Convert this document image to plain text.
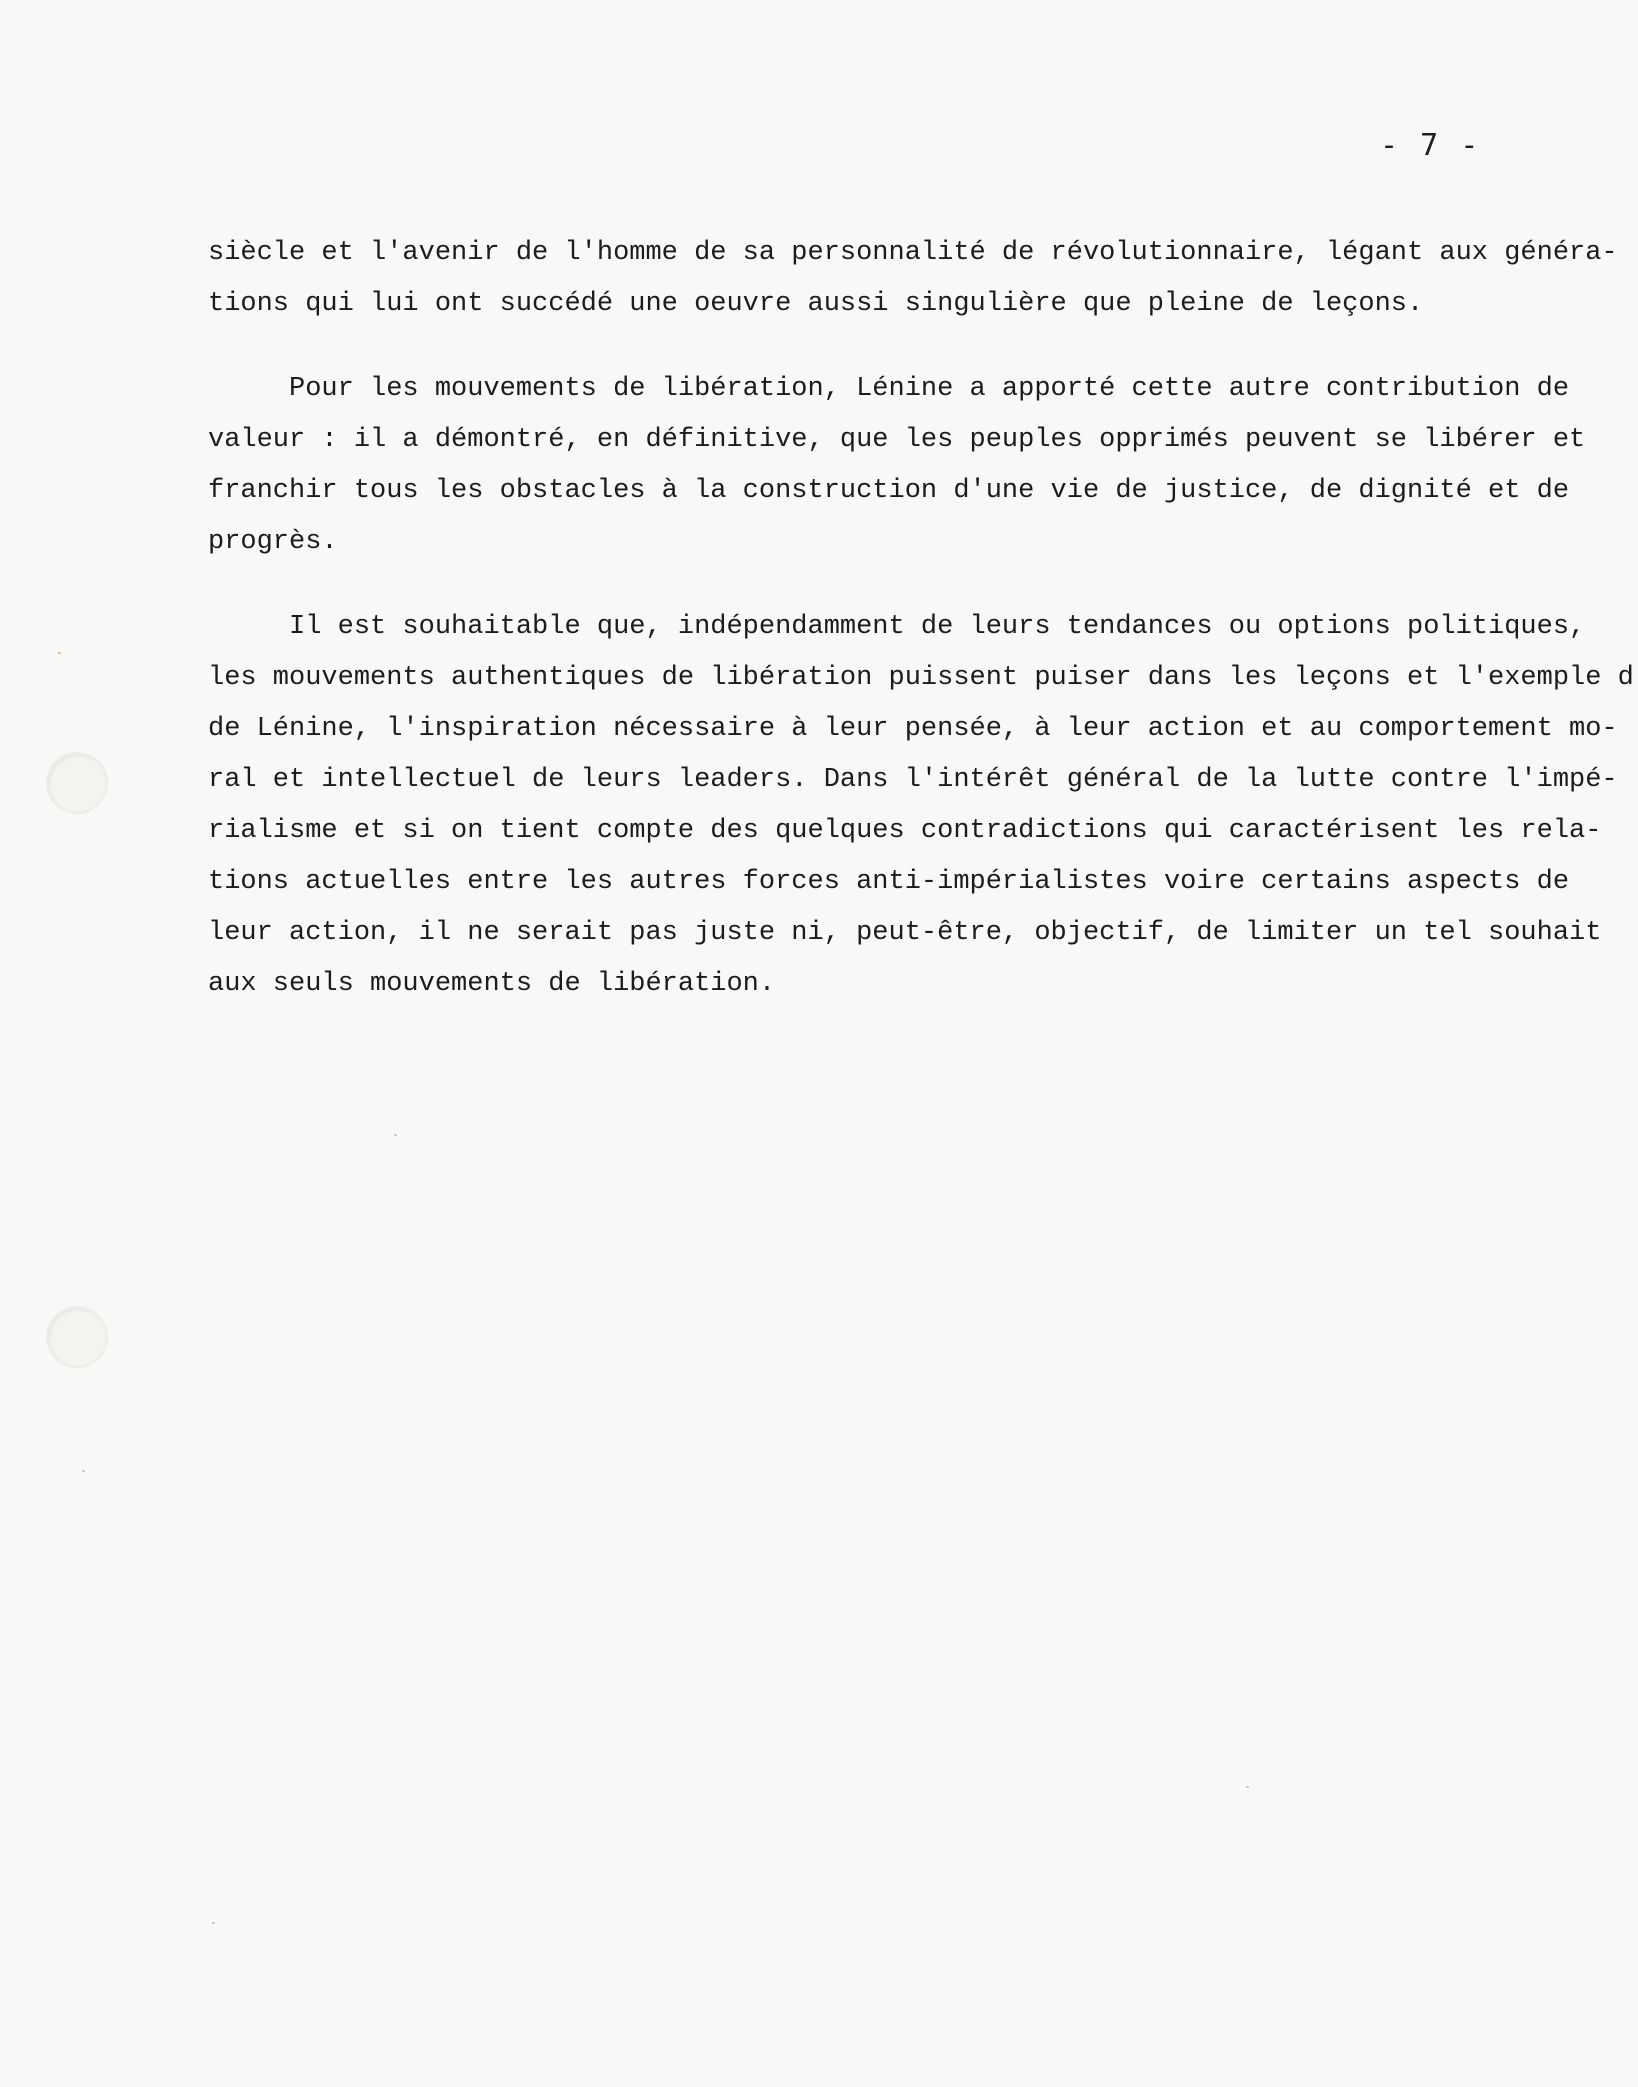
- 7 -
siècle et l'avenir de l'homme de sa personnalité de révolutionnaire, légant aux généra-
tions qui lui ont succédé une oeuvre aussi singulière que pleine de leçons.
Pour les mouvements de libération, Lénine a apporté cette autre contribution de
valeur : il a démontré, en définitive, que les peuples opprimés peuvent se libérer et
franchir tous les obstacles à la construction d'une vie de justice, de dignité et de
progrès.
Il est souhaitable que, indépendamment de leurs tendances ou options politiques,
les mouvements authentiques de libération puissent puiser dans les leçons et l'exemple d
de Lénine, l'inspiration nécessaire à leur pensée, à leur action et au comportement mo-
ral et intellectuel de leurs leaders. Dans l'intérêt général de la lutte contre l'impé-
rialisme et si on tient compte des quelques contradictions qui caractérisent les rela-
tions actuelles entre les autres forces anti-impérialistes voire certains aspects de
leur action, il ne serait pas juste ni, peut-être, objectif, de limiter un tel souhait
aux seuls mouvements de libération.
